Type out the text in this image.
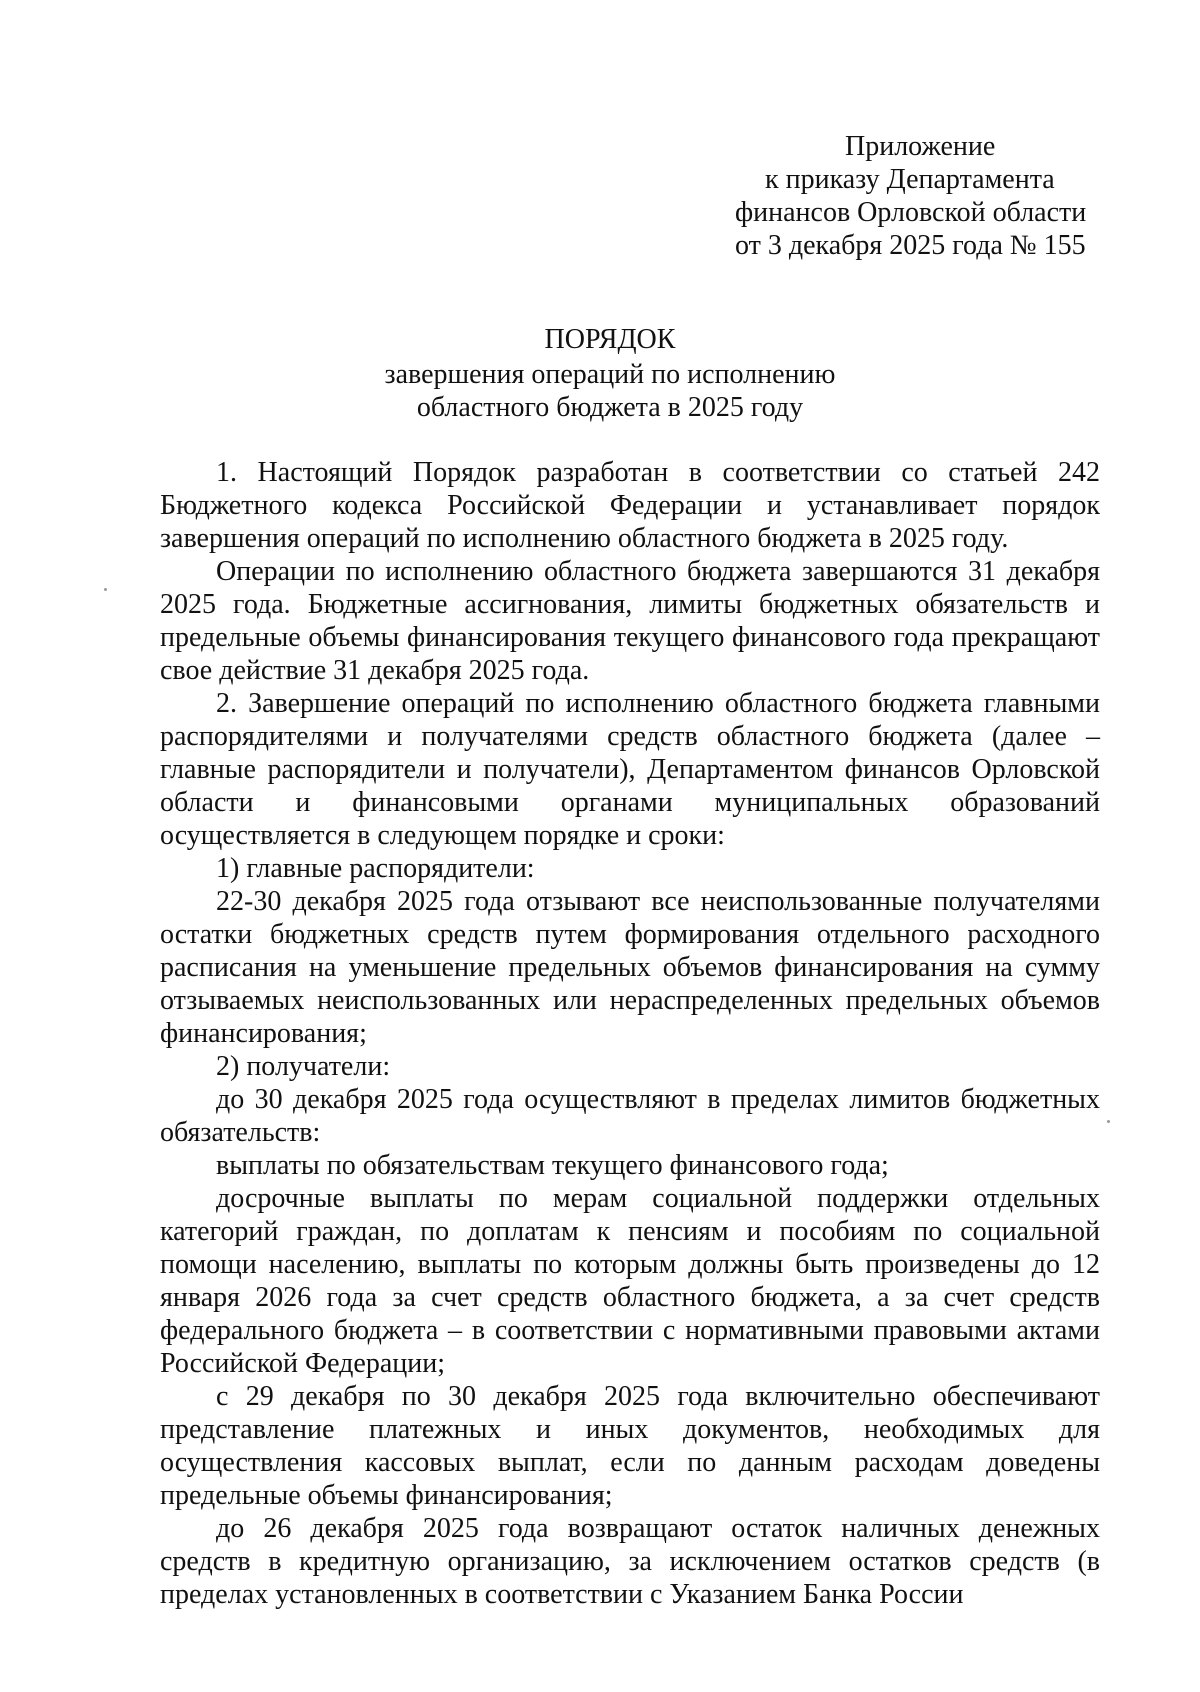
Приложение
к приказу Департамента
финансов Орловской области
от 3 декабря 2025 года № 155
ПОРЯДОК
завершения операций по исполнению
областного бюджета в 2025 году

1. Настоящий Порядок разработан в соответствии со статьей 242 Бюджетного кодекса Российской Федерации и устанавливает порядок завершения операций по исполнению областного бюджета в 2025 году.

Операции по исполнению областного бюджета завершаются 31 декабря 2025 года. Бюджетные ассигнования, лимиты бюджетных обязательств и предельные объемы финансирования текущего финансового года прекращают свое действие 31 декабря 2025 года.

2. Завершение операций по исполнению областного бюджета главными распорядителями и получателями средств областного бюджета (далее – главные распорядители и получатели), Департаментом финансов Орловской области и финансовыми органами муниципальных образований осуществляется в следующем порядке и сроки:

1) главные распорядители:

22-30 декабря 2025 года отзывают все неиспользованные получателями остатки бюджетных средств путем формирования отдельного расходного расписания на уменьшение предельных объемов финансирования на сумму отзываемых неиспользованных или нераспределенных предельных объемов финансирования;

2) получатели:

до 30 декабря 2025 года осуществляют в пределах лимитов бюджетных обязательств:

выплаты по обязательствам текущего финансового года;

досрочные выплаты по мерам социальной поддержки отдельных категорий граждан, по доплатам к пенсиям и пособиям по социальной помощи населению, выплаты по которым должны быть произведены до 12 января 2026 года за счет средств областного бюджета, а за счет средств федерального бюджета – в соответствии с нормативными правовыми актами Российской Федерации;

с 29 декабря по 30 декабря 2025 года включительно обеспечивают представление платежных и иных документов, необходимых для осуществления кассовых выплат, если по данным расходам доведены предельные объемы финансирования;

до 26 декабря 2025 года возвращают остаток наличных денежных средств в кредитную организацию, за исключением остатков средств (в пределах установленных в соответствии с Указанием Банка России
